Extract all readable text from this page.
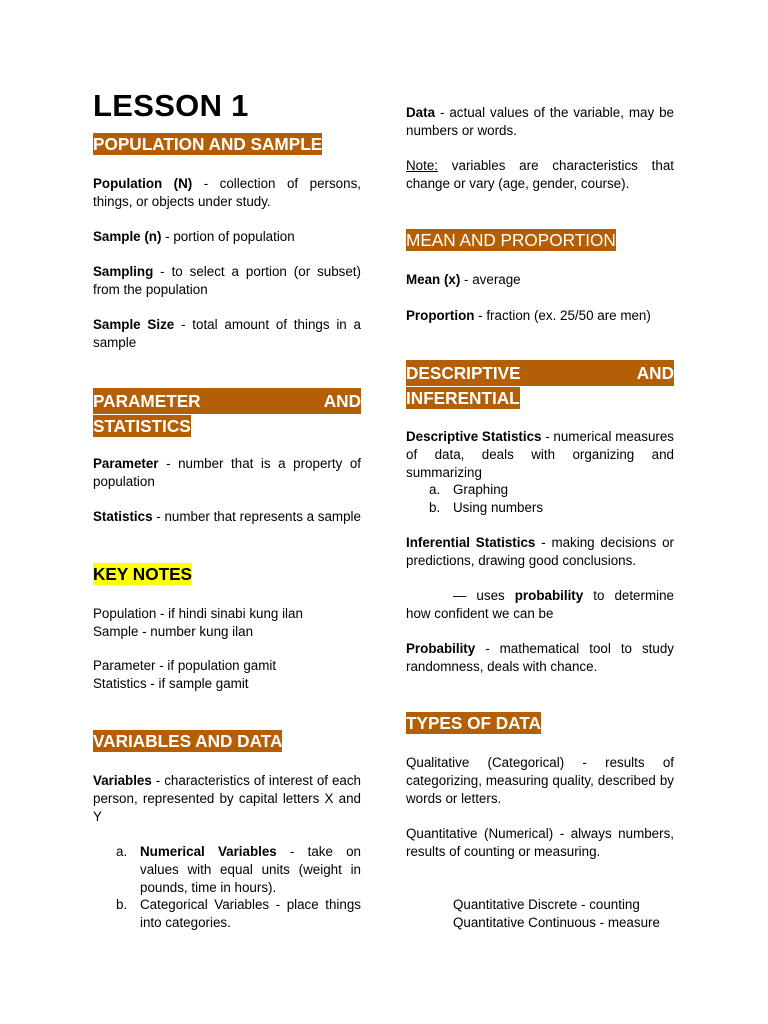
LESSON 1
POPULATION AND SAMPLE

Population (N) - collection of persons, things, or objects under study.

Sample (n) - portion of population

Sampling - to select a portion (or subset) from the population

Sample Size - total amount of things in a sample

PARAMETER	AND
STATISTICS

Parameter - number that is a property of population

Statistics - number that represents a sample

KEY NOTES
Population - if hindi sinabi kung ilan
Sample - number kung ilan
Parameter - if population gamit
Statistics - if sample gamit
VARIABLES AND DATA

Variables - characteristics of interest of each person, represented by capital letters X and Y

a. Numerical Variables - take on values with equal units (weight in pounds, time in hours).
b. Categorical Variables - place things into categories.

Data - actual values of the variable, may be numbers or words.

Note: variables are characteristics that change or vary (age, gender, course).

MEAN AND PROPORTION

Mean (x) - average

Proportion - fraction (ex. 25/50 are men)

DESCRIPTIVE	AND
INFERENTIAL

Descriptive Statistics - numerical measures of data, deals with organizing and summarizing

a. Graphing
b. Using numbers

Inferential Statistics - making decisions or predictions, drawing good conclusions.

— uses probability to determine how confident we can be

Probability - mathematical tool to study randomness, deals with chance.

TYPES OF DATA

Qualitative (Categorical) - results of categorizing, measuring quality, described by words or letters.

Quantitative (Numerical) - always numbers, results of counting or measuring.

Quantitative Discrete - counting
Quantitative Continuous - measure
